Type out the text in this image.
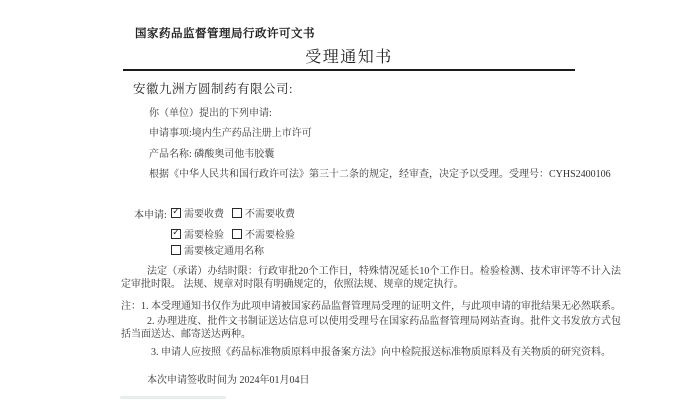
国家药品监督管理局行政许可文书
受理通知书
安徽九洲方圆制药有限公司:
你（单位）提出的下列申请:
申请事项:境内生产药品注册上市许可
产品名称: 磷酸奥司他韦胶囊
根据《中华人民共和国行政许可法》第三十二条的规定，经审查，决定予以受理。受理号：CYHS2400106
本申请: ✓ 需要收费 不需要收费
✓ 需要检验 不需要检验
需要核定通用名称
法定（承诺）办结时限：行政审批20个工作日，特殊情况延长10个工作日。检验检测、技术审评等不计入法定审批时限。 法规、规章对时限有明确规定的，依照法规、规章的规定执行。
注：1. 本受理通知书仅作为此项申请被国家药品监督管理局受理的证明文件，与此项申请的审批结果无必然联系。
2. 办理进度、批件文书制证送达信息可以使用受理号在国家药品监督管理局网站查询。批件文书发放方式包括当面送达、邮寄送达两种。
3. 申请人应按照《药品标准物质原料申报备案方法》向中检院报送标准物质原料及有关物质的研究资料。
本次申请签收时间为 2024年01月04日
